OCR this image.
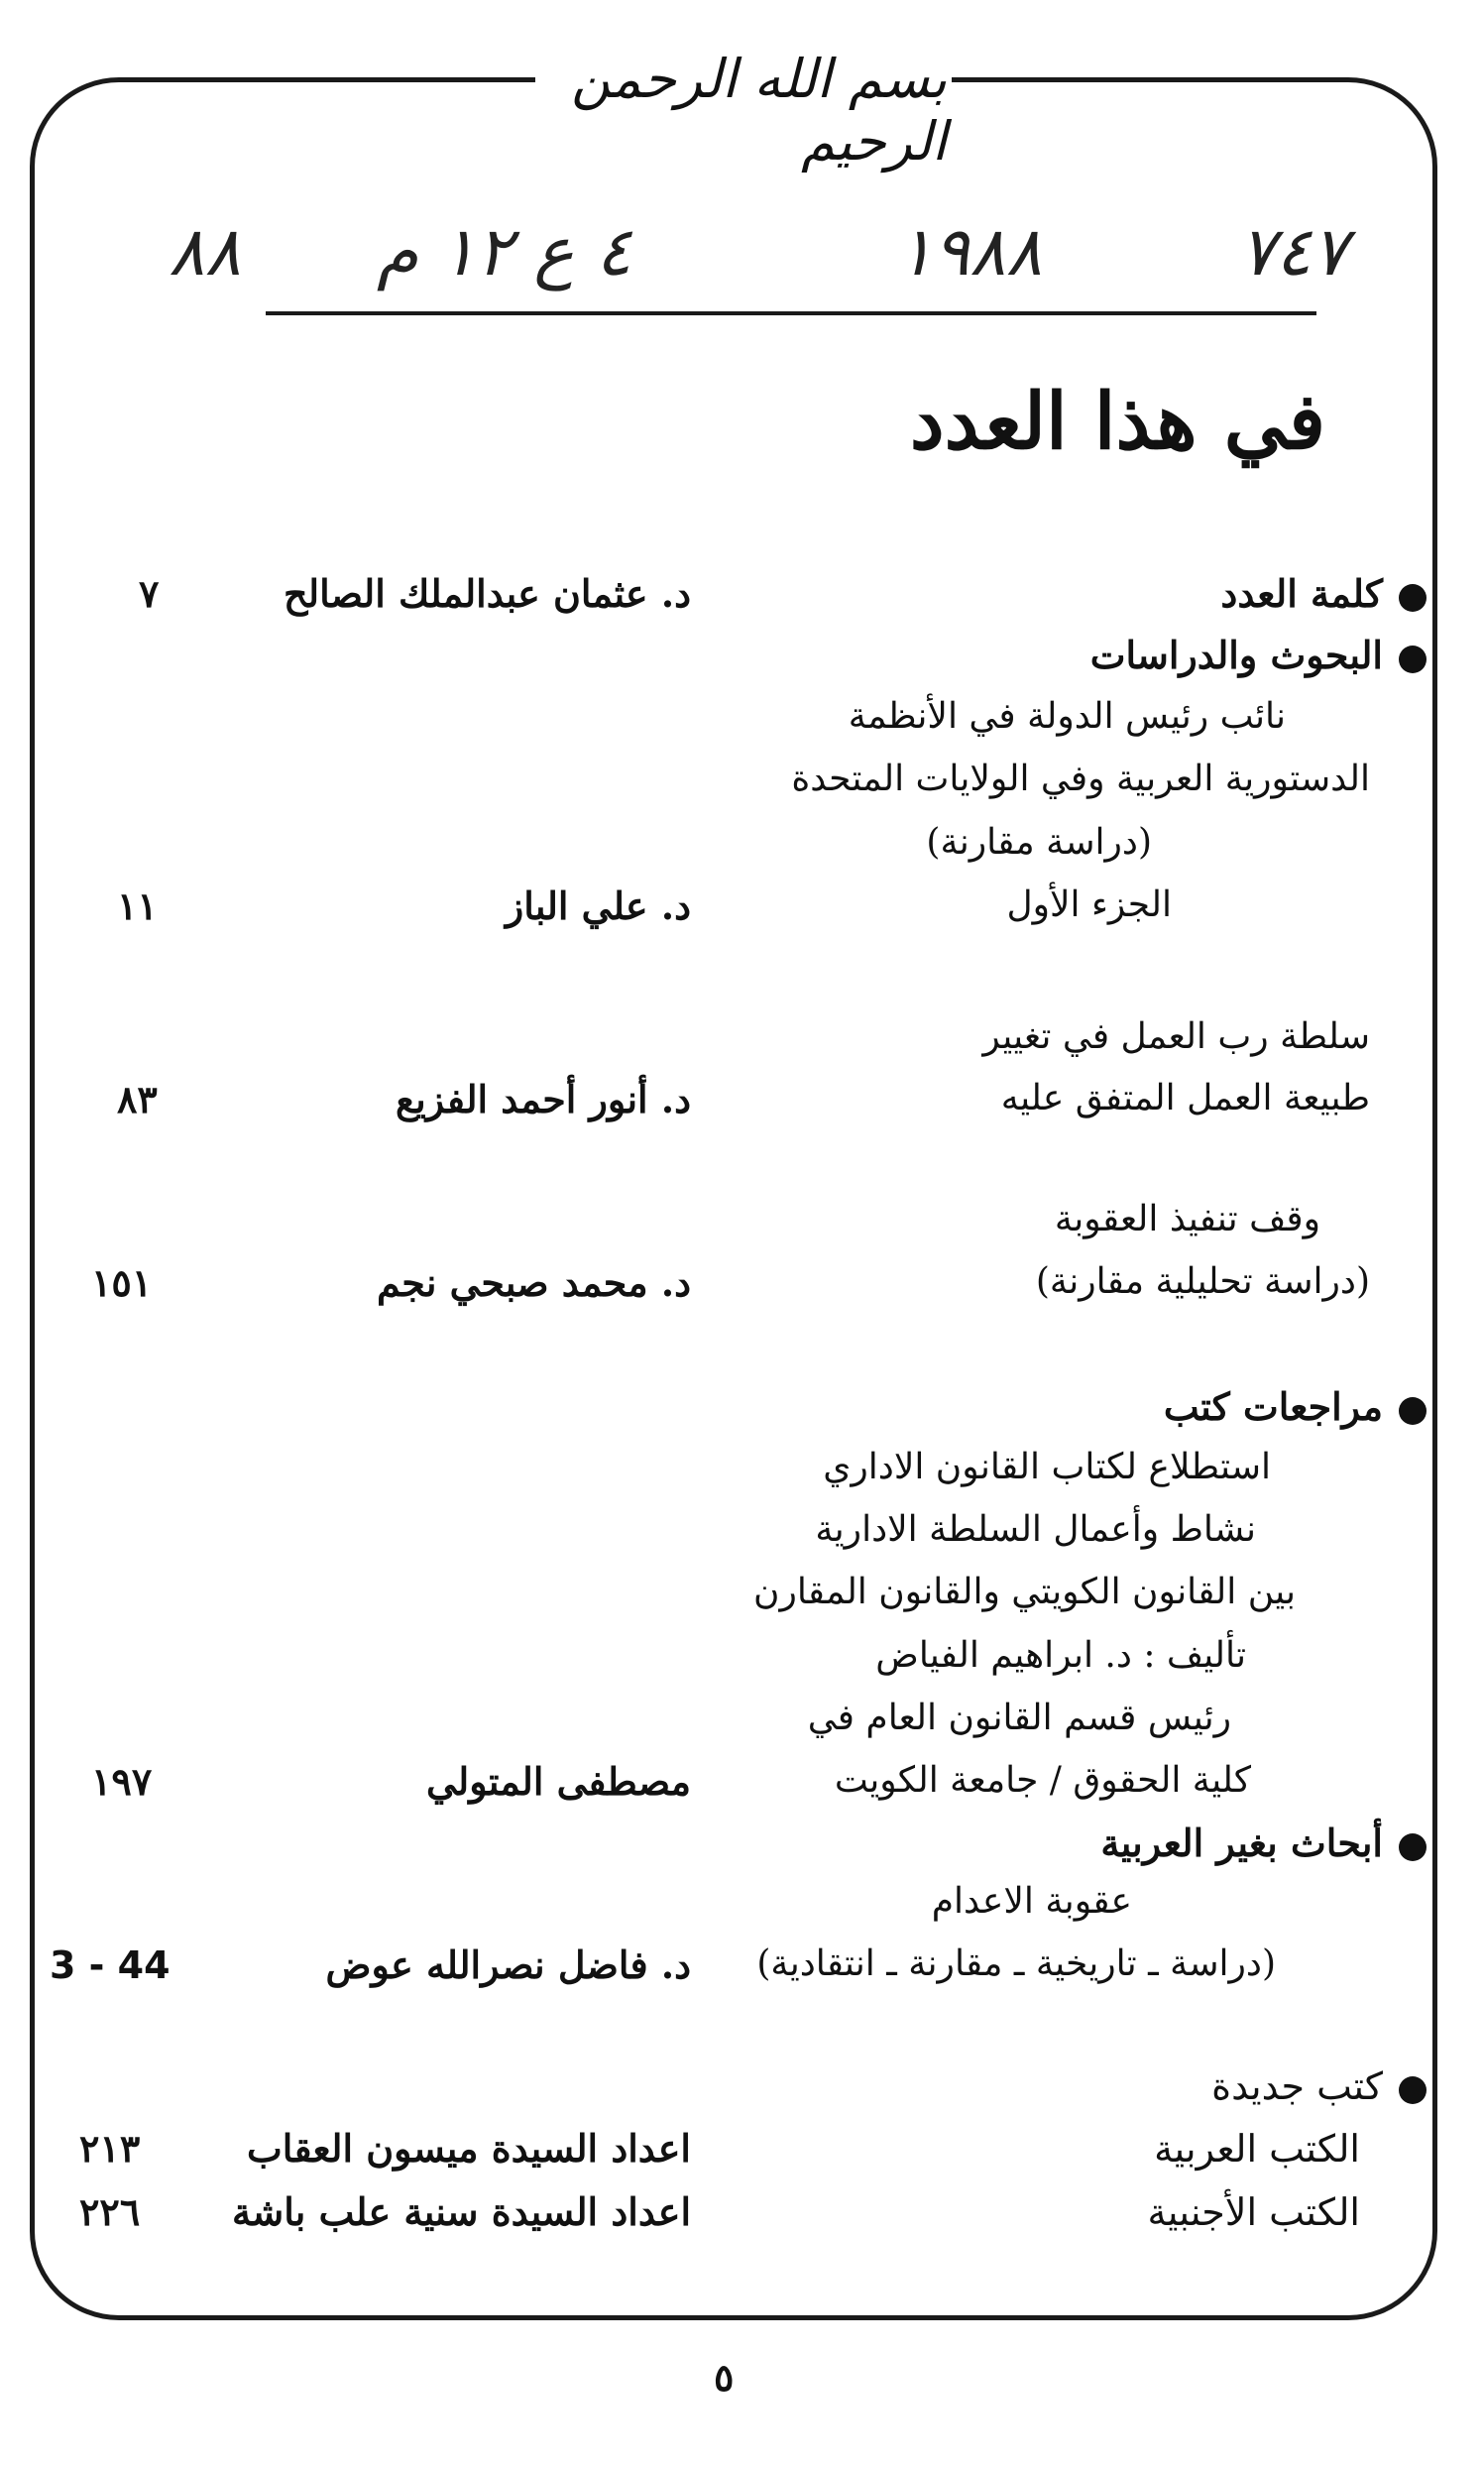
بسم الله الرحمن الرحيم
٨٨ ٤ ع ١٢ م	١٩٨٨	٧٤٧
في هذا العدد
كلمة العدد
د. عثمان عبدالملك الصالح
٧
البحوث والدراسات
نائب رئيس الدولة في الأنظمة
الدستورية العربية وفي الولايات المتحدة
(دراسة مقارنة)
الجزء الأول
د. علي الباز
١١
سلطة رب العمل في تغيير
طبيعة العمل المتفق عليه
د. أنور أحمد الفزيع
٨٣
وقف تنفيذ العقوبة
(دراسة تحليلية مقارنة)
د. محمد صبحي نجم
١٥١
مراجعات كتب
استطلاع لكتاب القانون الاداري
نشاط وأعمال السلطة الادارية
بين القانون الكويتي والقانون المقارن
تأليف : د. ابراهيم الفياض
رئيس قسم القانون العام في
كلية الحقوق / جامعة الكويت
مصطفى المتولي
١٩٧
أبحاث بغير العربية
عقوبة الاعدام
(دراسة ـ تاريخية ـ مقارنة ـ انتقادية)
د. فاضل نصرالله عوض
3 - 44
كتب جديدة
الكتب العربية
اعداد السيدة ميسون العقاب
٢١٣
الكتب الأجنبية
اعداد السيدة سنية علب باشة
٢٢٦
٥
